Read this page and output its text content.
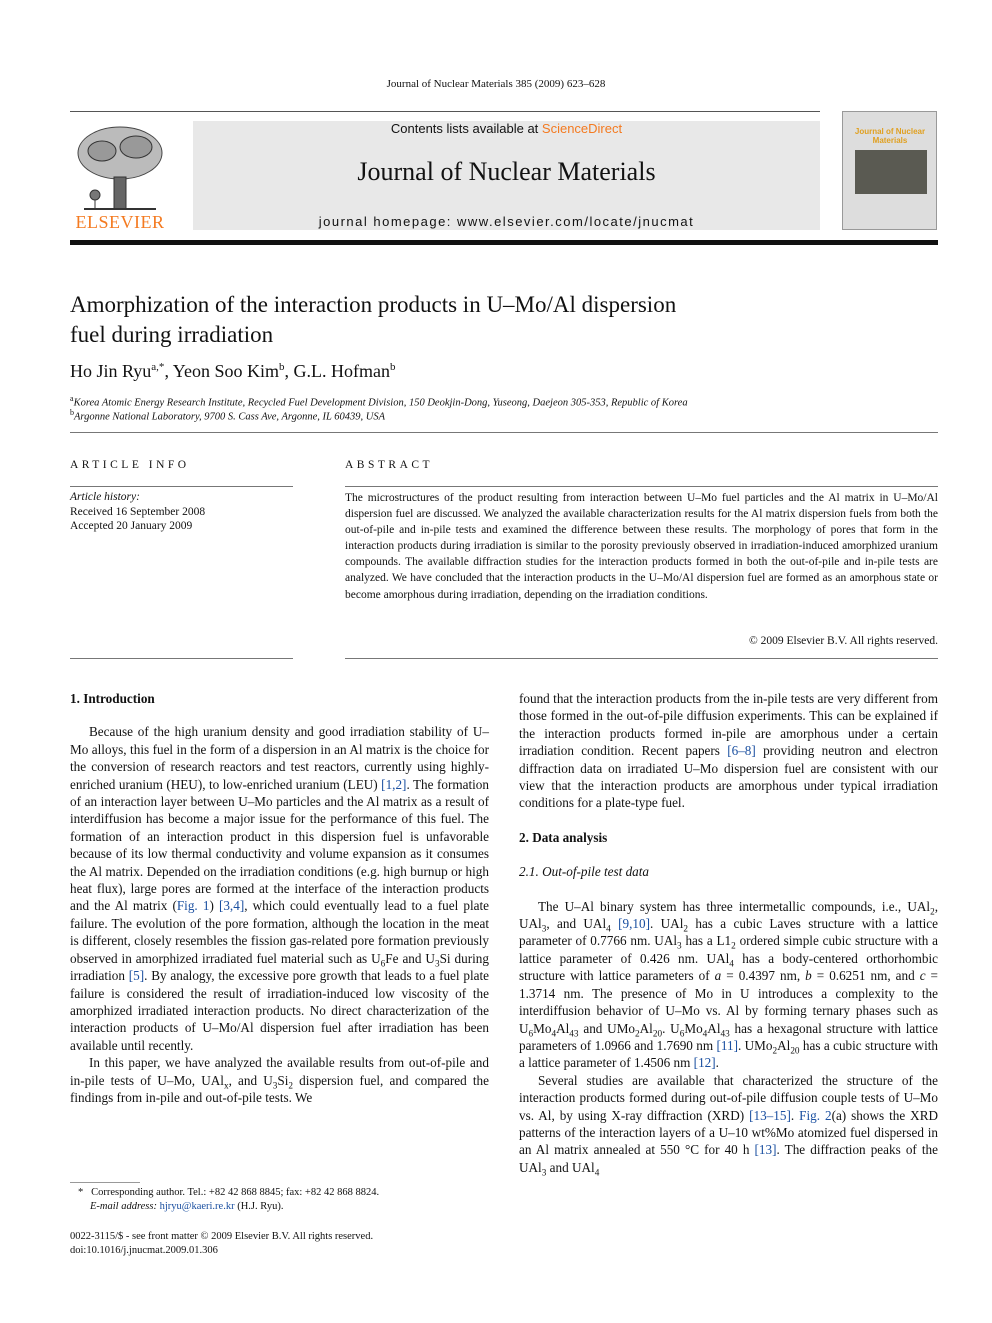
Journal of Nuclear Materials 385 (2009) 623–628
ELSEVIER
Contents lists available at ScienceDirect
Journal of Nuclear Materials
journal homepage: www.elsevier.com/locate/jnucmat
Journal of Nuclear Materials
Amorphization of the interaction products in U–Mo/Al dispersion
fuel during irradiation
Ho Jin Ryu$^{a,*}$, Yeon Soo Kim$^b$, G.L. Hofman$^b$
$^a$Korea Atomic Energy Research Institute, Recycled Fuel Development Division, 150 Deokjin-Dong, Yuseong, Daejeon 305-353, Republic of Korea
$^b$Argonne National Laboratory, 9700 S. Cass Ave, Argonne, IL 60439, USA
ARTICLE INFO
Article history:
Received 16 September 2008
Accepted 20 January 2009
ABSTRACT
The microstructures of the product resulting from interaction between U–Mo fuel particles and the Al matrix in U–Mo/Al dispersion fuel are discussed. We analyzed the available characterization results for the Al matrix dispersion fuels from both the out-of-pile and in-pile tests and examined the difference between these results. The morphology of pores that form in the interaction products during irradiation is similar to the porosity previously observed in irradiation-induced amorphized uranium compounds. The available diffraction studies for the interaction products formed in both the out-of-pile and in-pile tests are analyzed. We have concluded that the interaction products in the U–Mo/Al dispersion fuel are formed as an amorphous state or become amorphous during irradiation, depending on the irradiation conditions.
© 2009 Elsevier B.V. All rights reserved.
1. Introduction

Because of the high uranium density and good irradiation stability of U–Mo alloys, this fuel in the form of a dispersion in an Al matrix is the choice for the conversion of research reactors and test reactors, currently using highly-enriched uranium (HEU), to low-enriched uranium (LEU) [1,2]. The formation of an interaction layer between U–Mo particles and the Al matrix as a result of interdiffusion has become a major issue for the performance of this fuel. The formation of an interaction product in this dispersion fuel is unfavorable because of its low thermal conductivity and volume expansion as it consumes the Al matrix. Depended on the irradiation conditions (e.g. high burnup or high heat flux), large pores are formed at the interface of the interaction products and the Al matrix (Fig. 1) [3,4], which could eventually lead to a fuel plate failure. The evolution of the pore formation, although the location in the meat is different, closely resembles the fission gas-related pore formation previously observed in amorphized irradiated fuel material such as $U_6Fe$ and $U_3Si$ during irradiation [5]. By analogy, the excessive pore growth that leads to a fuel plate failure is considered the result of irradiation-induced low viscosity of the amorphized irradiated interaction products. No direct characterization of the interaction products of U–Mo/Al dispersion fuel after irradiation has been available until recently.

In this paper, we have analyzed the available results from out-of-pile and in-pile tests of U–Mo, UAl$_x$, and $U_3Si_2$ dispersion fuel, and compared the findings from in-pile and out-of-pile tests. We

* Corresponding author. Tel.: +82 42 868 8845; fax: +82 42 868 8824.
E-mail address: hjryu@kaeri.re.kr (H.J. Ryu).
0022-3115/$ - see front matter © 2009 Elsevier B.V. All rights reserved.
doi:10.1016/j.jnucmat.2009.01.306

found that the interaction products from the in-pile tests are very different from those formed in the out-of-pile diffusion experiments. This can be explained if the interaction products formed in-pile are amorphous under a certain irradiation condition. Recent papers [6–8] providing neutron and electron diffraction data on irradiated U–Mo dispersion fuel are consistent with our view that the interaction products are amorphous under typical irradiation conditions for a plate-type fuel.

2. Data analysis
2.1. Out-of-pile test data

The U–Al binary system has three intermetallic compounds, i.e., UAl$_2$, UAl$_3$, and UAl$_4$ [9,10]. UAl$_2$ has a cubic Laves structure with a lattice parameter of 0.7766 nm. UAl$_3$ has a $L1_2$ ordered simple cubic structure with a lattice parameter of 0.426 nm. UAl$_4$ has a body-centered orthorhombic structure with lattice parameters of a = 0.4397 nm, b = 0.6251 nm, and c = 1.3714 nm. The presence of Mo in U introduces a complexity to the interdiffusion behavior of U–Mo vs. Al by forming ternary phases such as $U_6Mo_4Al_{43}$ and $UMo_2Al_{20}$. $U_6Mo_4Al_{43}$ has a hexagonal structure with lattice parameters of 1.0966 and 1.7690 nm [11]. $UMo_2Al_{20}$ has a cubic structure with a lattice parameter of 1.4506 nm [12].

Several studies are available that characterized the structure of the interaction products formed during out-of-pile diffusion couple tests of U–Mo vs. Al, by using X-ray diffraction (XRD) [13–15]. Fig. 2(a) shows the XRD patterns of the interaction layers of a U–10 wt%Mo atomized fuel dispersed in an Al matrix annealed at 550 °C for 40 h [13]. The diffraction peaks of the UAl$_3$ and UAl$_4$
